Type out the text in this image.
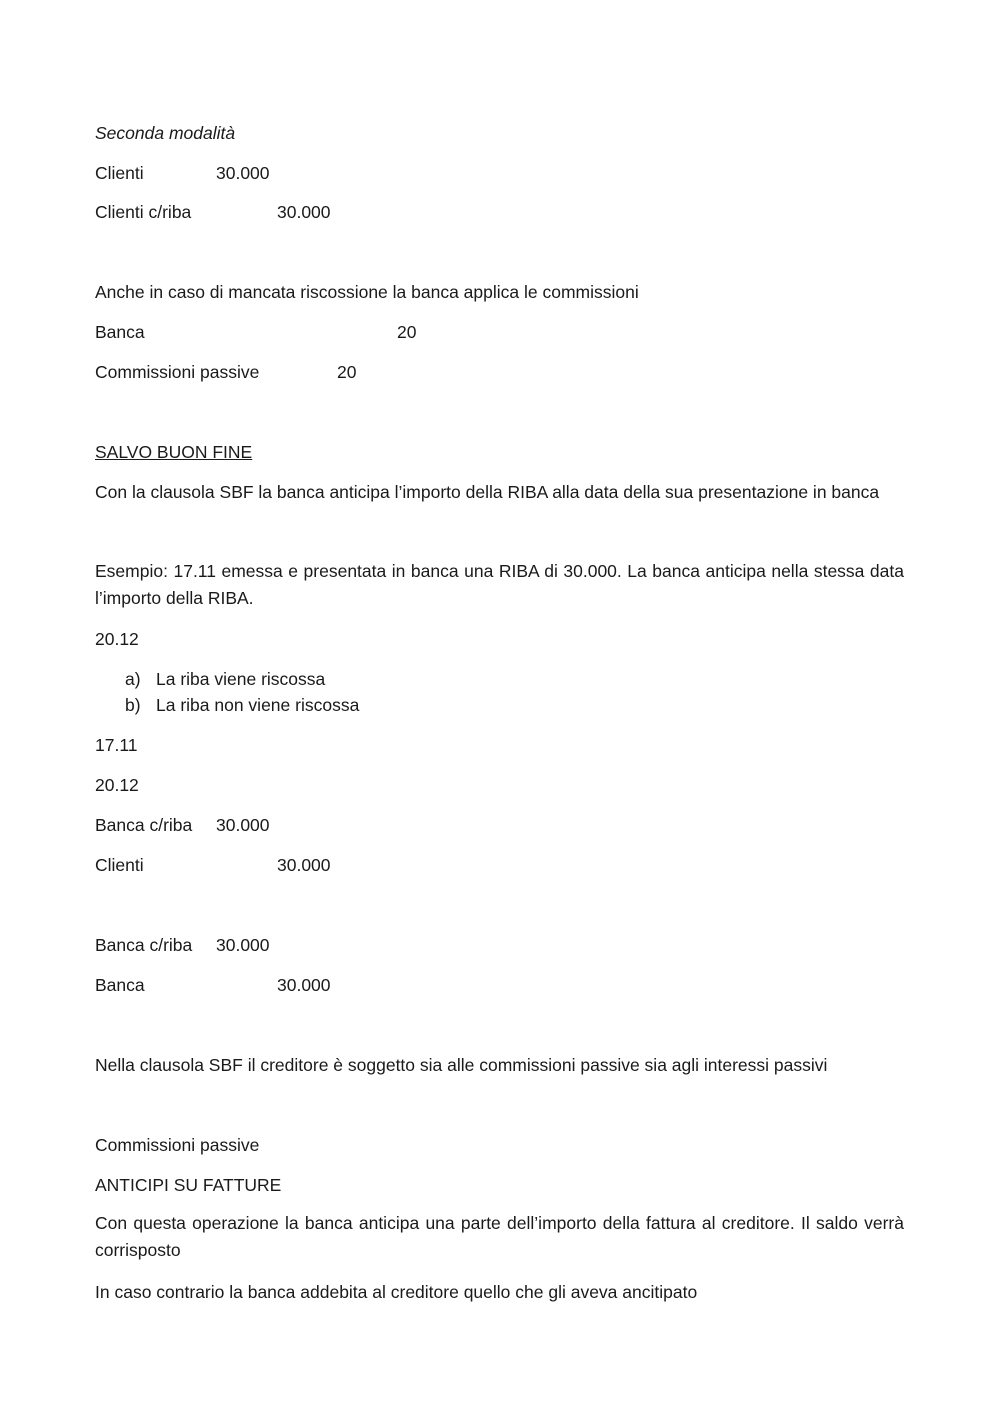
Seconda modalità
Clienti	30.000
Clienti c/riba	30.000
Anche in caso di mancata riscossione la banca applica le commissioni
Banca	20
Commissioni passive	20
SALVO BUON FINE
Con la clausola SBF la banca anticipa l’importo della RIBA alla data della sua presentazione in banca
Esempio: 17.11 emessa e presentata in banca una RIBA di 30.000. La banca anticipa nella stessa data l’importo della RIBA.
20.12
a) La riba viene riscossa
b) La riba non viene riscossa
17.11
20.12
Banca c/riba 30.000
Clienti	30.000
Banca c/riba 30.000
Banca	30.000
Nella clausola SBF il creditore è soggetto sia alle commissioni passive sia agli interessi passivi
Commissioni passive
ANTICIPI SU FATTURE
Con questa operazione la banca anticipa una parte dell’importo della fattura al creditore. Il saldo verrà corrisposto
In caso contrario la banca addebita al creditore quello che gli aveva ancitipato
